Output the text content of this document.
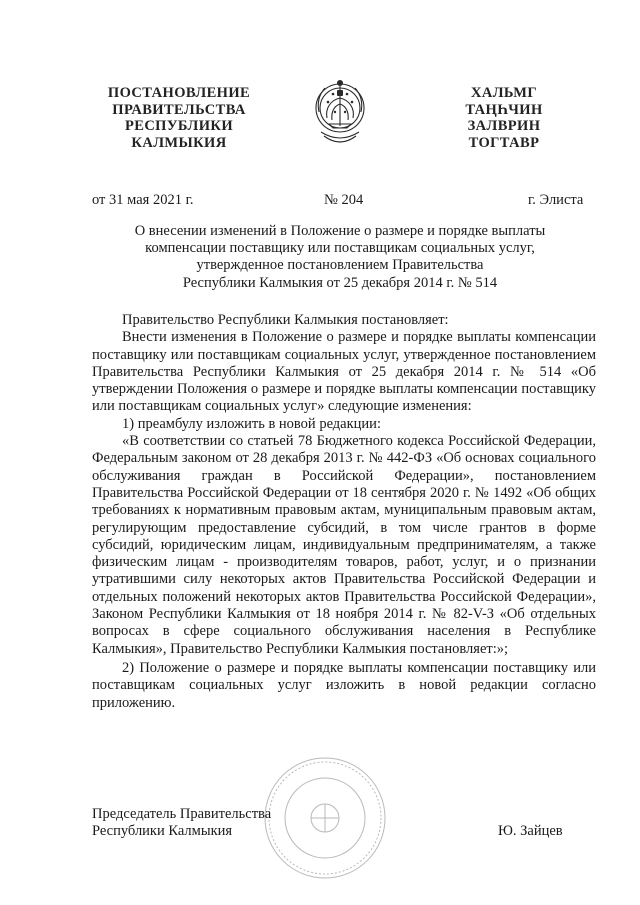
ПОСТАНОВЛЕНИЕ
ПРАВИТЕЛЬСТВА
РЕСПУБЛИКИ
КАЛМЫКИЯ
ХАЛЬМГ
ТАҢҺЧИН
ЗАЛВРИН
ТОГТАВР
от 31 мая 2021 г.	№ 204	г. Элиста
О внесении изменений в Положение о размере и порядке выплаты
компенсации поставщику или поставщикам социальных услуг,
утвержденное постановлением Правительства
Республики Калмыкия от 25 декабря 2014 г. № 514

Правительство Республики Калмыкия постановляет:

Внести изменения в Положение о размере и порядке выплаты компенсации поставщику или поставщикам социальных услуг, утвержденное постановлением Правительства Республики Калмыкия от 25 декабря 2014 г. № 514 «Об утверждении Положения о размере и порядке выплаты компенсации поставщику или поставщикам социальных услуг» следующие изменения:

1) преамбулу изложить в новой редакции:

«В соответствии со статьей 78 Бюджетного кодекса Российской Федерации, Федеральным законом от 28 декабря 2013 г. № 442-ФЗ «Об основах социального обслуживания граждан в Российской Федерации», постановлением Правительства Российской Федерации от 18 сентября 2020 г. № 1492 «Об общих требованиях к нормативным правовым актам, муниципальным правовым актам, регулирующим предоставление субсидий, в том числе грантов в форме субсидий, юридическим лицам, индивидуальным предпринимателям, а также физическим лицам - производителям товаров, работ, услуг, и о признании утратившими силу некоторых актов Правительства Российской Федерации и отдельных положений некоторых актов Правительства Российской Федерации», Законом Республики Калмыкия от 18 ноября 2014 г. № 82-V-З «Об отдельных вопросах в сфере социального обслуживания населения в Республике Калмыкия», Правительство Республики Калмыкия постановляет:»;

2) Положение о размере и порядке выплаты компенсации поставщику или поставщикам социальных услуг изложить в новой редакции согласно приложению.

Председатель Правительства
Республики Калмыкия	Ю. Зайцев
